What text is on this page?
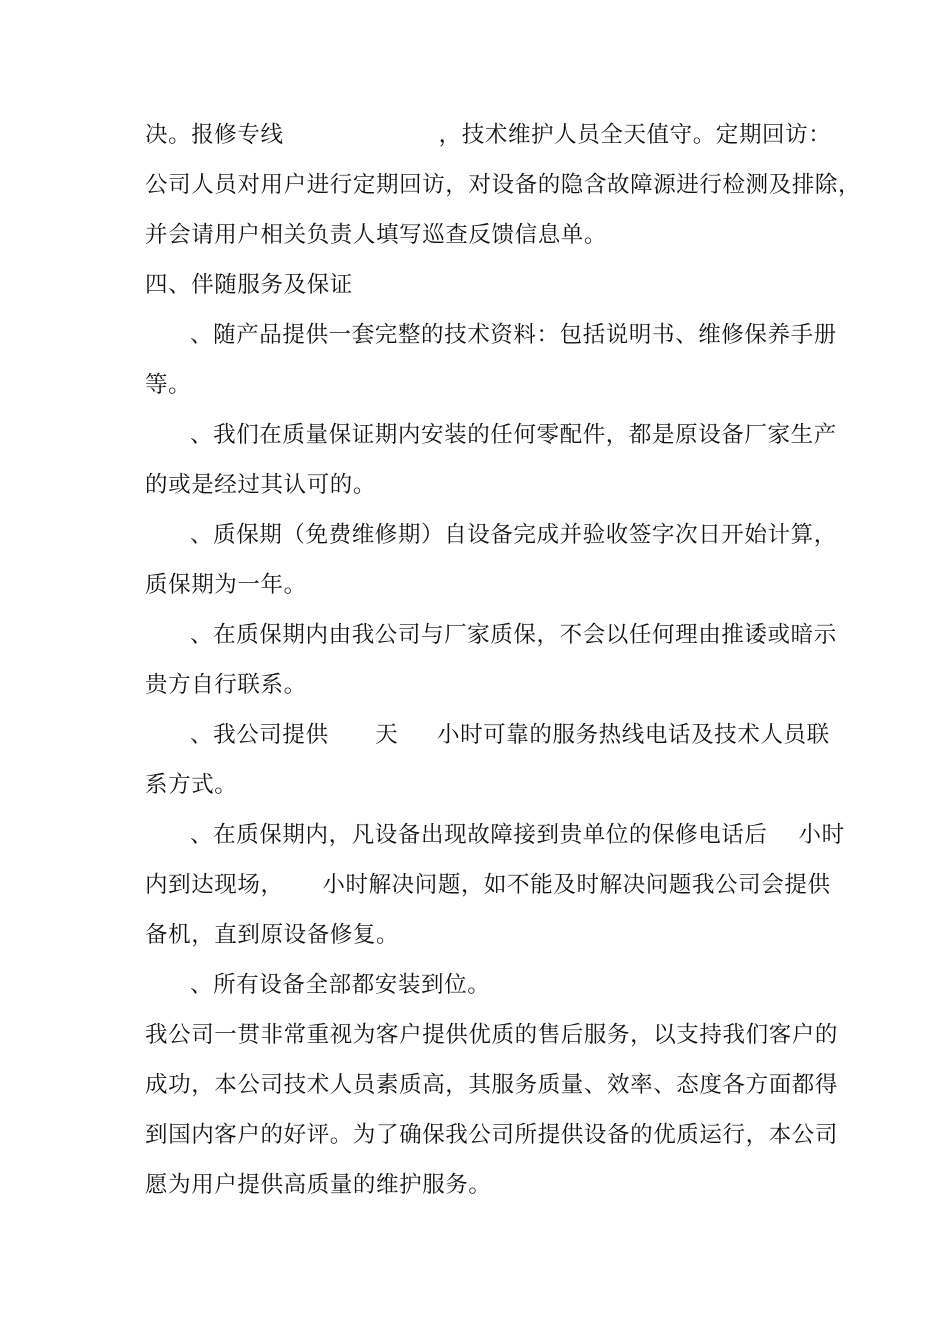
决。报修专线                    ，技术维护人员全天值守。定期回访：

公司人员对用户进行定期回访，对设备的隐含故障源进行检测及排除，

并会请用户相关负责人填写巡查反馈信息单。

四、伴随服务及保证

、随产品提供一套完整的技术资料：包括说明书、维修保养手册

等。

、我们在质量保证期内安装的任何零配件，都是原设备厂家生产

的或是经过其认可的。

、质保期（免费维修期）自设备完成并验收签字次日开始计算，

质保期为一年。

、在质保期内由我公司与厂家质保，不会以任何理由推诿或暗示

贵方自行联系。

、我公司提供      天     小时可靠的服务热线电话及技术人员联

系方式。

、在质保期内，凡设备出现故障接到贵单位的保修电话后    小时

内到达现场，     小时解决问题，如不能及时解决问题我公司会提供

备机，直到原设备修复。

、所有设备全部都安装到位。

我公司一贯非常重视为客户提供优质的售后服务，以支持我们客户的

成功，本公司技术人员素质高，其服务质量、效率、态度各方面都得

到国内客户的好评。为了确保我公司所提供设备的优质运行，本公司

愿为用户提供高质量的维护服务。
